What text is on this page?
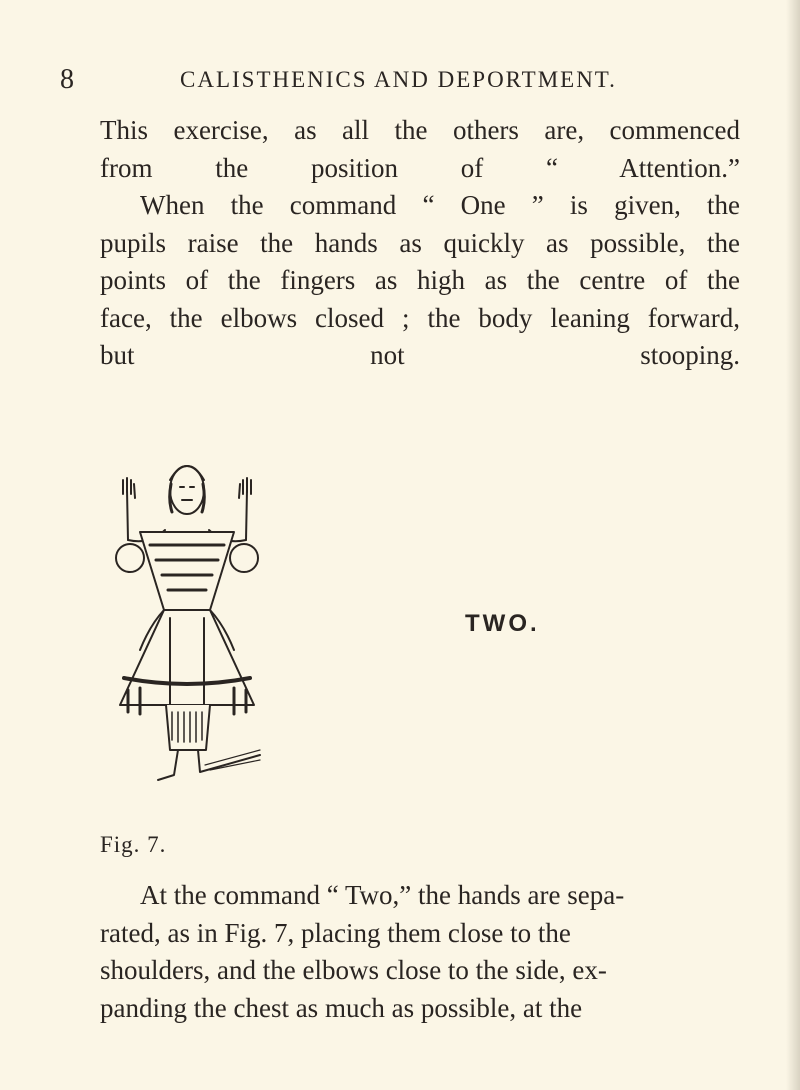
8	CALISTHENICS AND DEPORTMENT.
This exercise, as all the others are, commenced
from the position of “ Attention.”
When the command “ One ” is given, the
pupils raise the hands as quickly as possible, the
points of the fingers as high as the centre of the
face, the elbows closed ; the body leaning forward,
but not stooping.
TWO.
Fig. 7.
At the command “ Two,” the hands are sepa-
rated, as in Fig. 7, placing them close to the
shoulders, and the elbows close to the side, ex-
panding the chest as much as possible, at the
